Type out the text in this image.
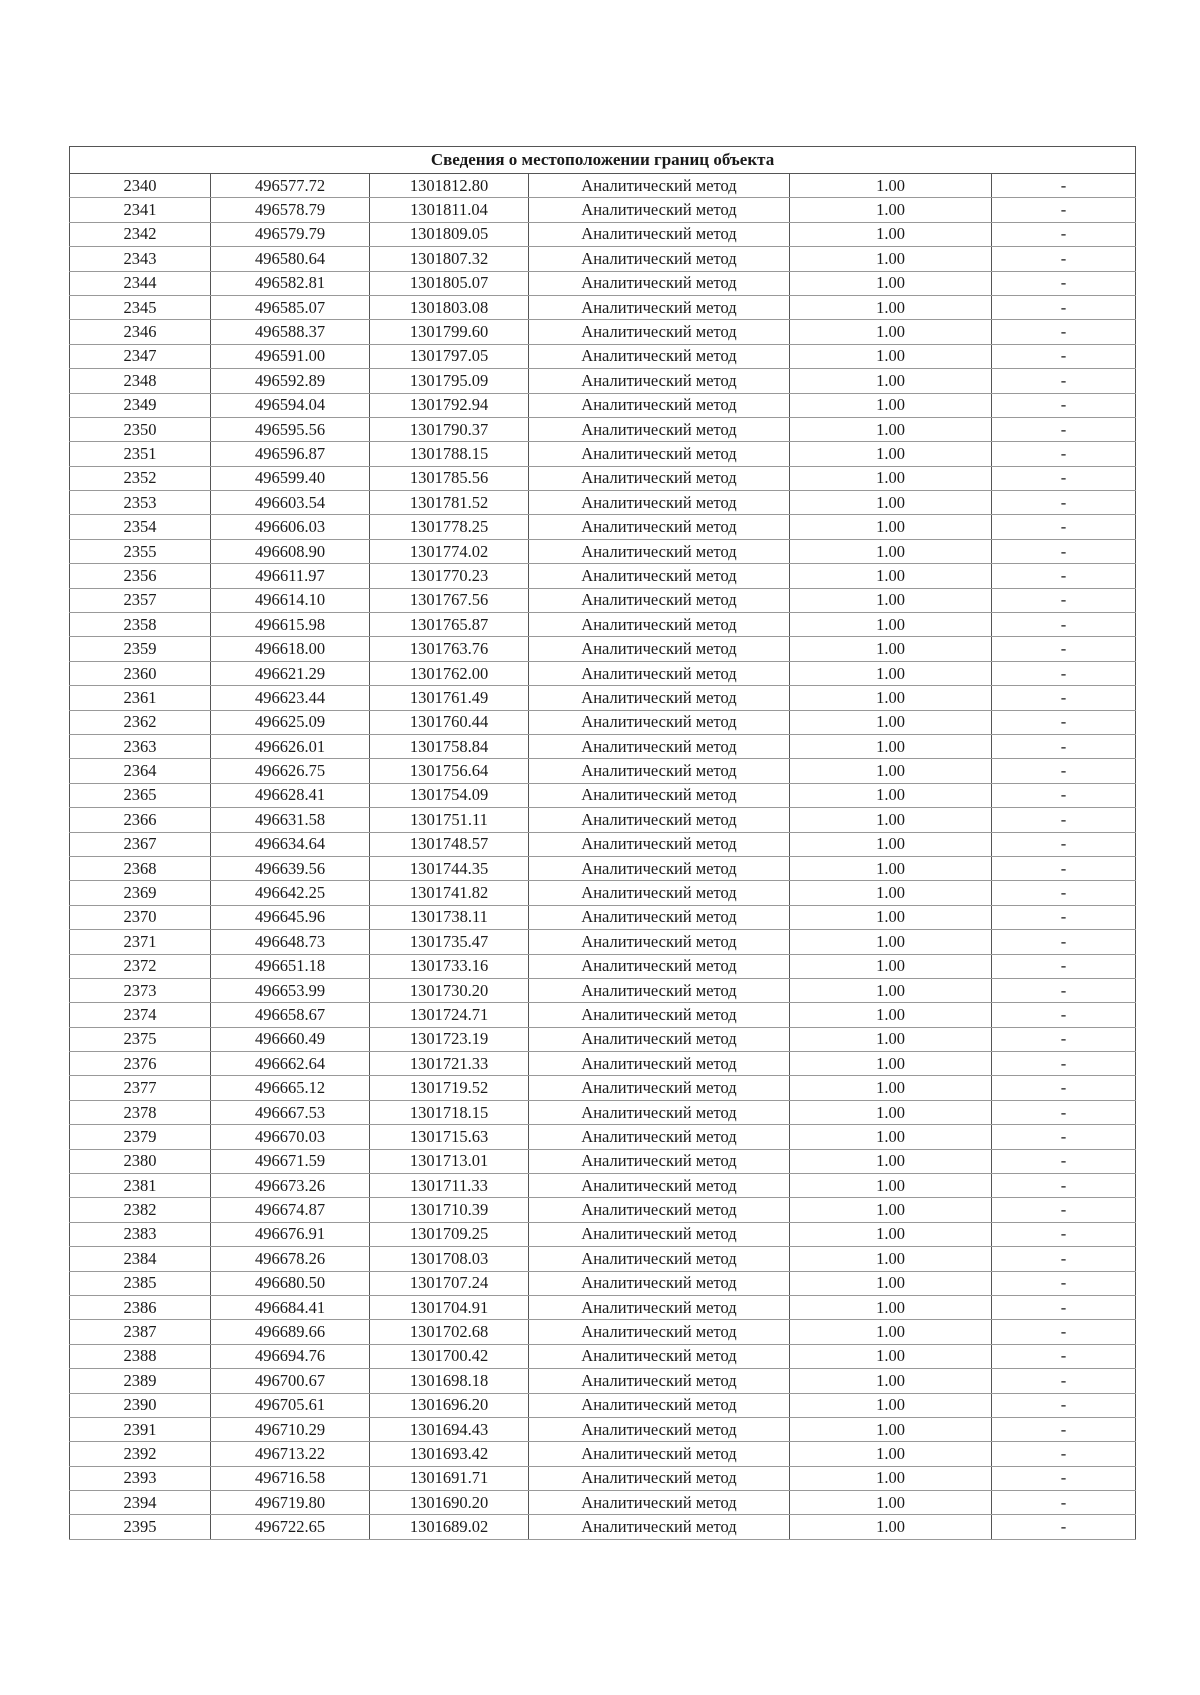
Сведения о местоположении границ объекта					
2340	496577.72	1301812.80	Аналитический метод	1.00	-
2341	496578.79	1301811.04	Аналитический метод	1.00	-
2342	496579.79	1301809.05	Аналитический метод	1.00	-
2343	496580.64	1301807.32	Аналитический метод	1.00	-
2344	496582.81	1301805.07	Аналитический метод	1.00	-
2345	496585.07	1301803.08	Аналитический метод	1.00	-
2346	496588.37	1301799.60	Аналитический метод	1.00	-
2347	496591.00	1301797.05	Аналитический метод	1.00	-
2348	496592.89	1301795.09	Аналитический метод	1.00	-
2349	496594.04	1301792.94	Аналитический метод	1.00	-
2350	496595.56	1301790.37	Аналитический метод	1.00	-
2351	496596.87	1301788.15	Аналитический метод	1.00	-
2352	496599.40	1301785.56	Аналитический метод	1.00	-
2353	496603.54	1301781.52	Аналитический метод	1.00	-
2354	496606.03	1301778.25	Аналитический метод	1.00	-
2355	496608.90	1301774.02	Аналитический метод	1.00	-
2356	496611.97	1301770.23	Аналитический метод	1.00	-
2357	496614.10	1301767.56	Аналитический метод	1.00	-
2358	496615.98	1301765.87	Аналитический метод	1.00	-
2359	496618.00	1301763.76	Аналитический метод	1.00	-
2360	496621.29	1301762.00	Аналитический метод	1.00	-
2361	496623.44	1301761.49	Аналитический метод	1.00	-
2362	496625.09	1301760.44	Аналитический метод	1.00	-
2363	496626.01	1301758.84	Аналитический метод	1.00	-
2364	496626.75	1301756.64	Аналитический метод	1.00	-
2365	496628.41	1301754.09	Аналитический метод	1.00	-
2366	496631.58	1301751.11	Аналитический метод	1.00	-
2367	496634.64	1301748.57	Аналитический метод	1.00	-
2368	496639.56	1301744.35	Аналитический метод	1.00	-
2369	496642.25	1301741.82	Аналитический метод	1.00	-
2370	496645.96	1301738.11	Аналитический метод	1.00	-
2371	496648.73	1301735.47	Аналитический метод	1.00	-
2372	496651.18	1301733.16	Аналитический метод	1.00	-
2373	496653.99	1301730.20	Аналитический метод	1.00	-
2374	496658.67	1301724.71	Аналитический метод	1.00	-
2375	496660.49	1301723.19	Аналитический метод	1.00	-
2376	496662.64	1301721.33	Аналитический метод	1.00	-
2377	496665.12	1301719.52	Аналитический метод	1.00	-
2378	496667.53	1301718.15	Аналитический метод	1.00	-
2379	496670.03	1301715.63	Аналитический метод	1.00	-
2380	496671.59	1301713.01	Аналитический метод	1.00	-
2381	496673.26	1301711.33	Аналитический метод	1.00	-
2382	496674.87	1301710.39	Аналитический метод	1.00	-
2383	496676.91	1301709.25	Аналитический метод	1.00	-
2384	496678.26	1301708.03	Аналитический метод	1.00	-
2385	496680.50	1301707.24	Аналитический метод	1.00	-
2386	496684.41	1301704.91	Аналитический метод	1.00	-
2387	496689.66	1301702.68	Аналитический метод	1.00	-
2388	496694.76	1301700.42	Аналитический метод	1.00	-
2389	496700.67	1301698.18	Аналитический метод	1.00	-
2390	496705.61	1301696.20	Аналитический метод	1.00	-
2391	496710.29	1301694.43	Аналитический метод	1.00	-
2392	496713.22	1301693.42	Аналитический метод	1.00	-
2393	496716.58	1301691.71	Аналитический метод	1.00	-
2394	496719.80	1301690.20	Аналитический метод	1.00	-
2395	496722.65	1301689.02	Аналитический метод	1.00	-
